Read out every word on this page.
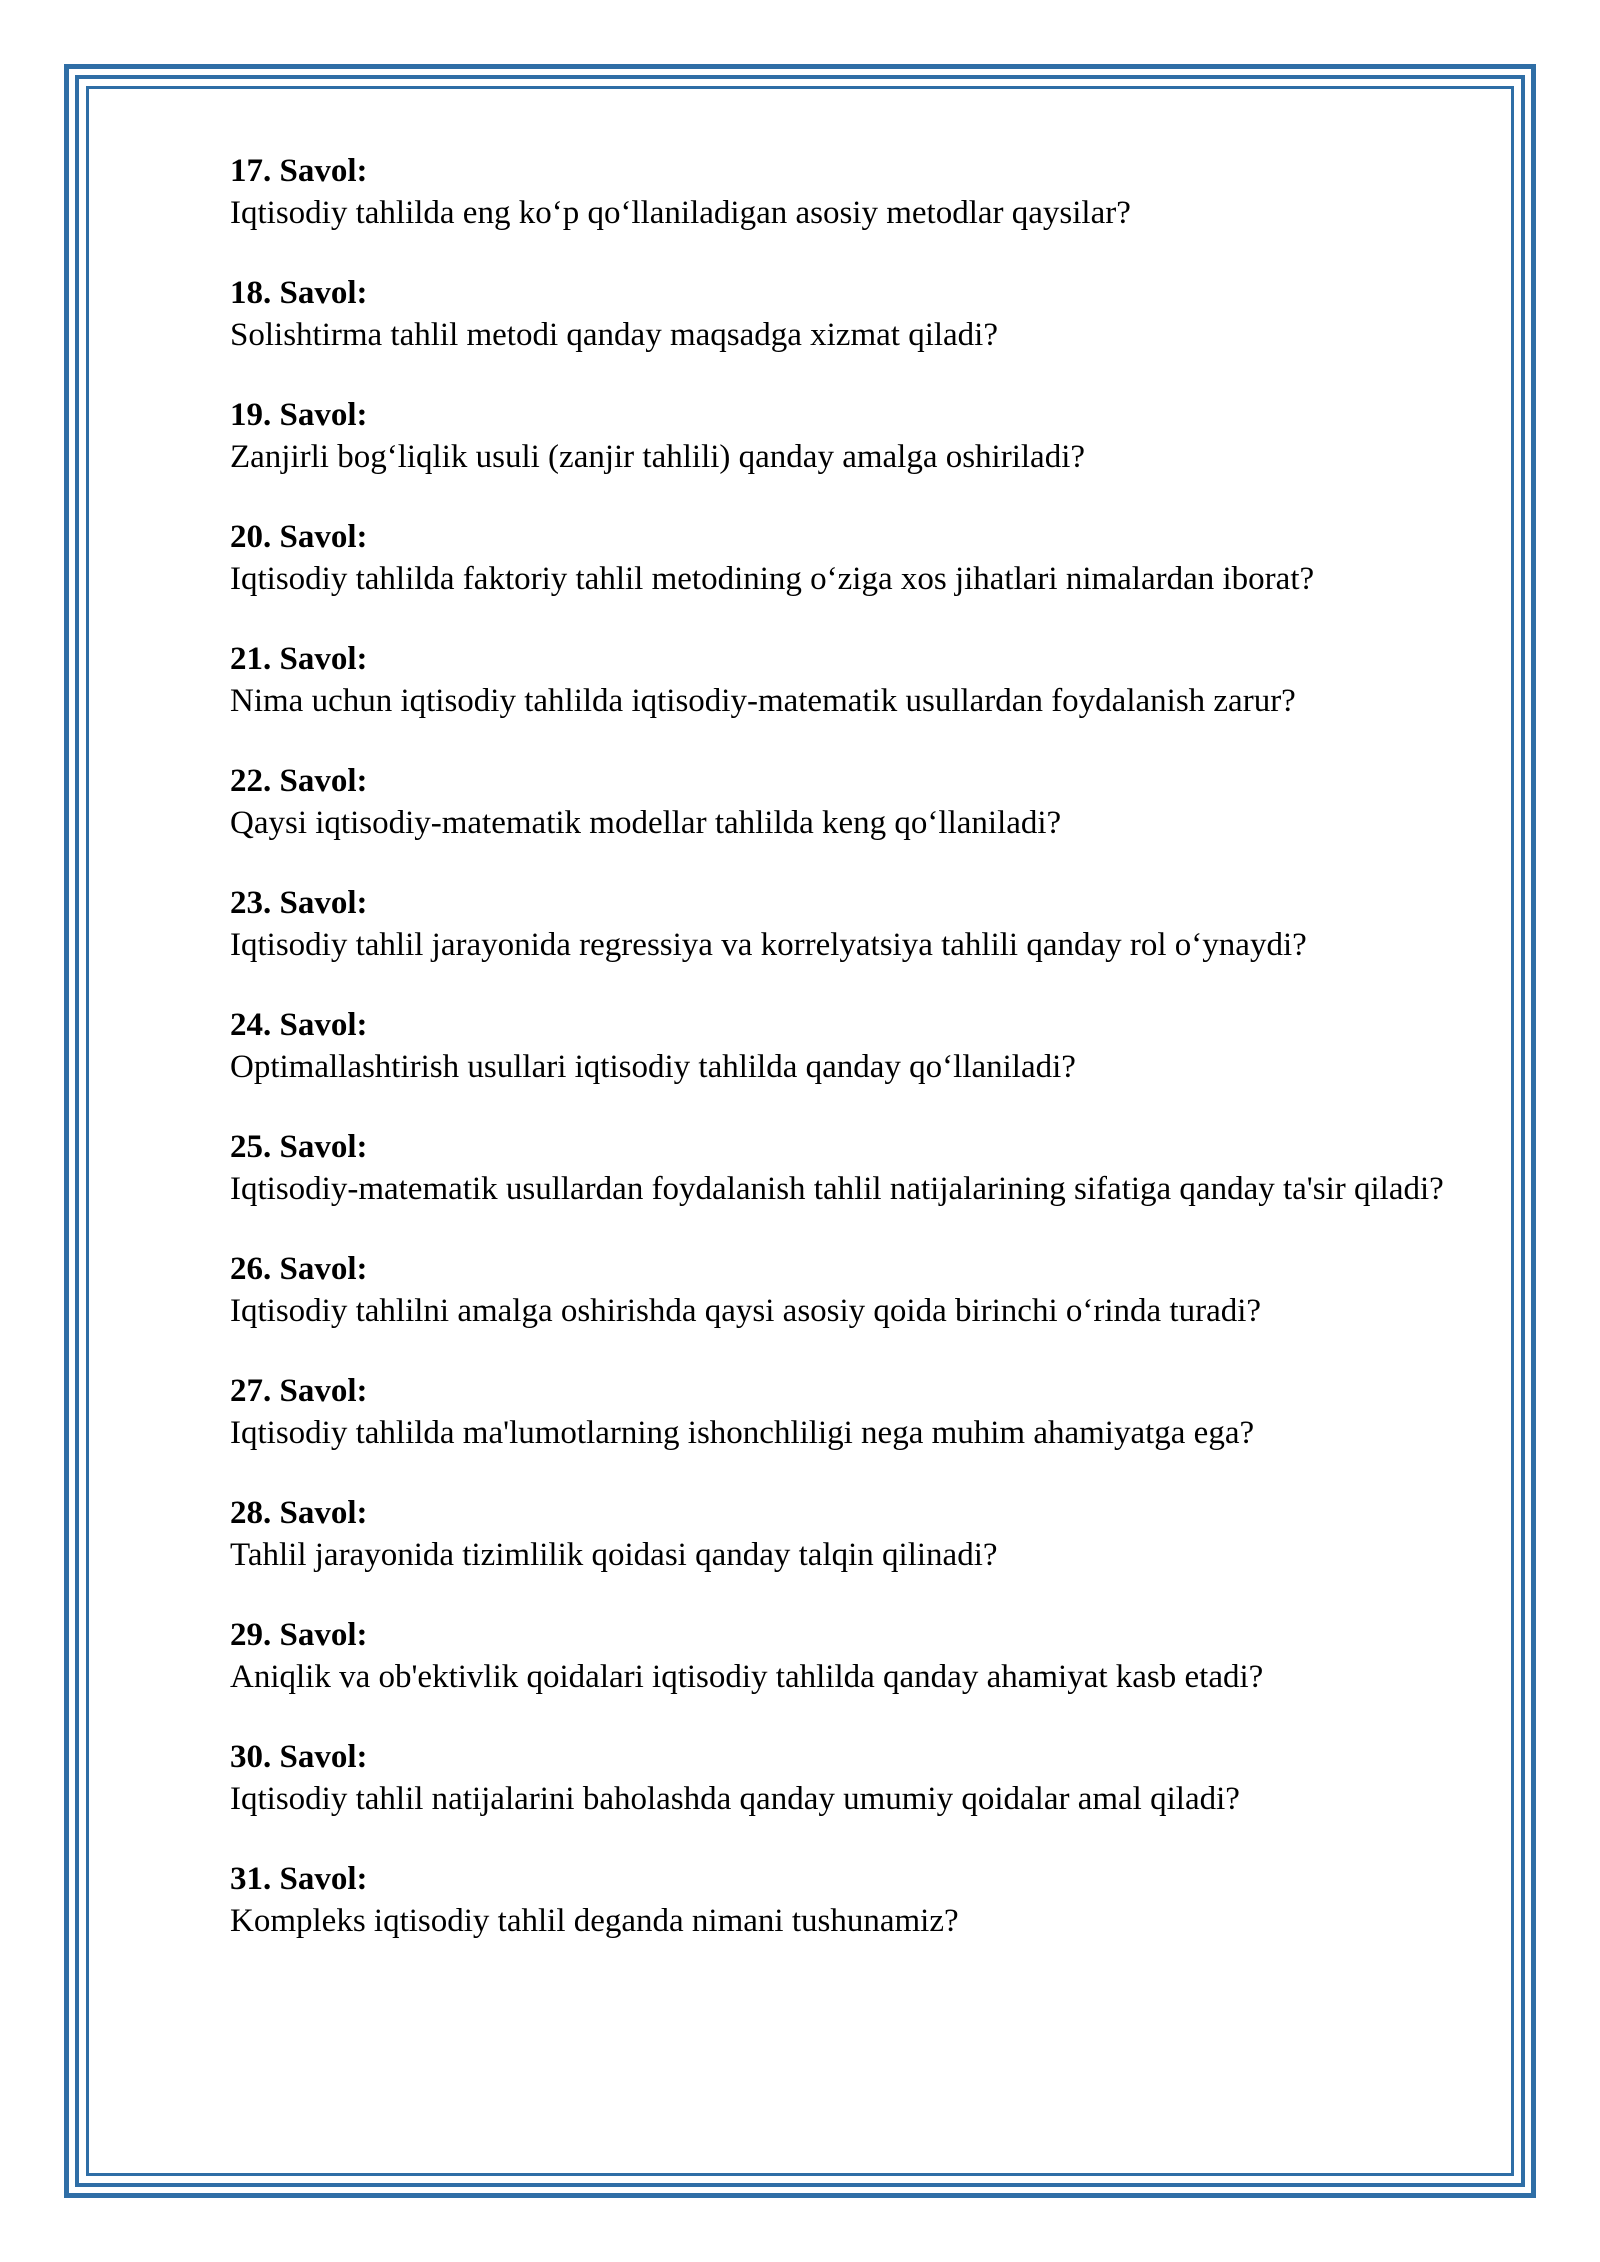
17. Savol:
Iqtisodiy tahlilda eng ko‘p qo‘llaniladigan asosiy metodlar qaysilar?
18. Savol:
Solishtirma tahlil metodi qanday maqsadga xizmat qiladi?
19. Savol:
Zanjirli bog‘liqlik usuli (zanjir tahlili) qanday amalga oshiriladi?
20. Savol:
Iqtisodiy tahlilda faktoriy tahlil metodining o‘ziga xos jihatlari nimalardan iborat?
21. Savol:
Nima uchun iqtisodiy tahlilda iqtisodiy-matematik usullardan foydalanish zarur?
22. Savol:
Qaysi iqtisodiy-matematik modellar tahlilda keng qo‘llaniladi?
23. Savol:
Iqtisodiy tahlil jarayonida regressiya va korrelyatsiya tahlili qanday rol o‘ynaydi?
24. Savol:
Optimallashtirish usullari iqtisodiy tahlilda qanday qo‘llaniladi?
25. Savol:
Iqtisodiy-matematik usullardan foydalanish tahlil natijalarining sifatiga qanday ta'sir qiladi?
26. Savol:
Iqtisodiy tahlilni amalga oshirishda qaysi asosiy qoida birinchi o‘rinda turadi?
27. Savol:
Iqtisodiy tahlilda ma'lumotlarning ishonchliligi nega muhim ahamiyatga ega?
28. Savol:
Tahlil jarayonida tizimlilik qoidasi qanday talqin qilinadi?
29. Savol:
Aniqlik va ob'ektivlik qoidalari iqtisodiy tahlilda qanday ahamiyat kasb etadi?
30. Savol:
Iqtisodiy tahlil natijalarini baholashda qanday umumiy qoidalar amal qiladi?
31. Savol:
Kompleks iqtisodiy tahlil deganda nimani tushunamiz?
